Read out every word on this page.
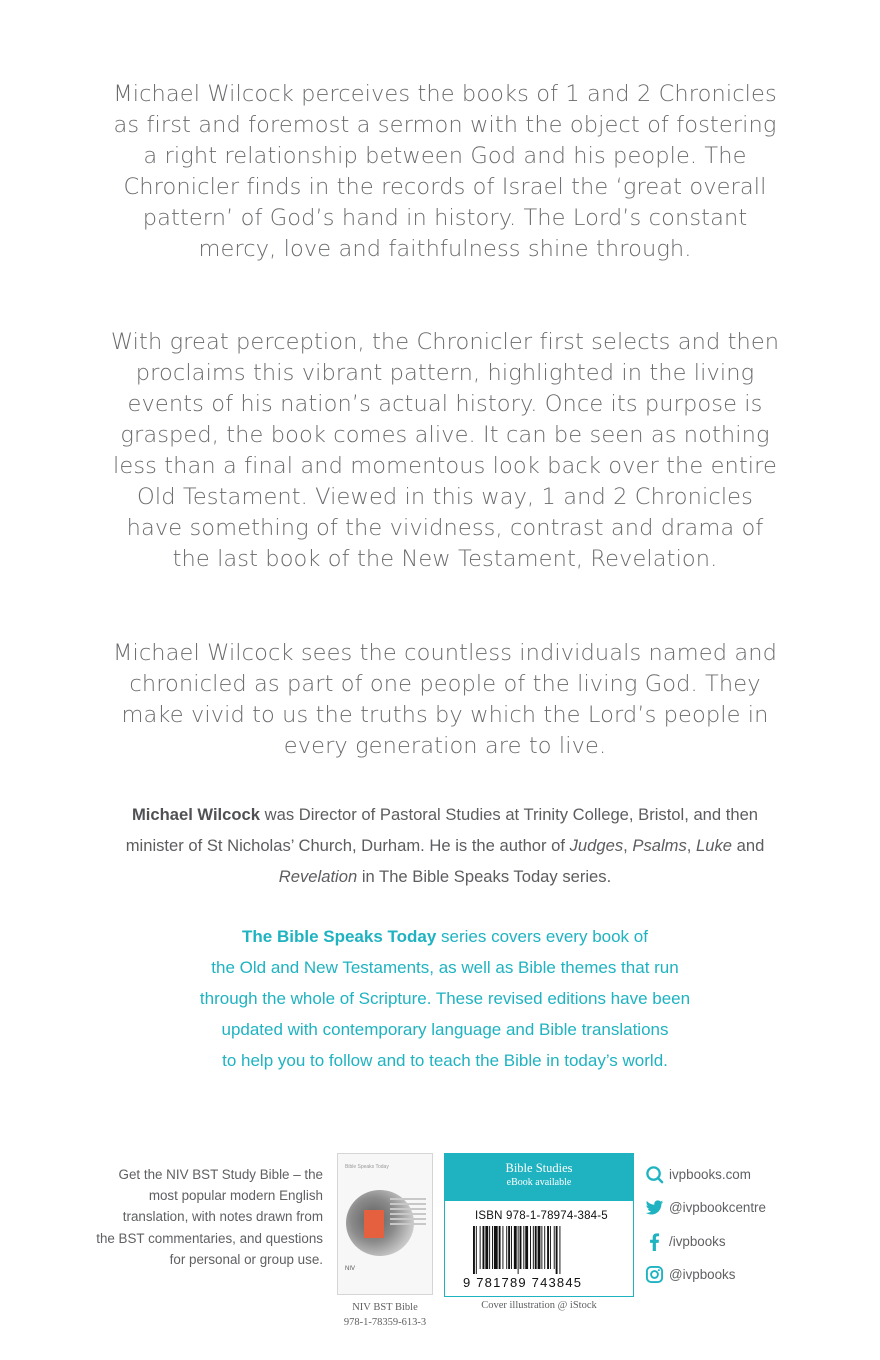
Michael Wilcock perceives the books of 1 and 2 Chronicles as first and foremost a sermon with the object of fostering a right relationship between God and his people. The Chronicler finds in the records of Israel the ‘great overall pattern’ of God’s hand in history. The Lord’s constant mercy, love and faithfulness shine through.

With great perception, the Chronicler first selects and then proclaims this vibrant pattern, highlighted in the living events of his nation’s actual history. Once its purpose is grasped, the book comes alive. It can be seen as nothing less than a final and momentous look back over the entire Old Testament. Viewed in this way, 1 and 2 Chronicles have something of the vividness, contrast and drama of the last book of the New Testament, Revelation.

Michael Wilcock sees the countless individuals named and chronicled as part of one people of the living God. They make vivid to us the truths by which the Lord’s people in every generation are to live.

Michael Wilcock was Director of Pastoral Studies at Trinity College, Bristol, and then minister of St Nicholas’ Church, Durham. He is the author of Judges, Psalms, Luke and Revelation in The Bible Speaks Today series.

The Bible Speaks Today series covers every book of
the Old and New Testaments, as well as Bible themes that run
through the whole of Scripture. These revised editions have been
updated with contemporary language and Bible translations
to help you to follow and to teach the Bible in today’s world.
Get the NIV BST Study Bible – the
most popular modern English
translation, with notes drawn from
the BST commentaries, and questions
for personal or group use.
Bible Speaks Today
NIV
NIV BST Bible
978-1-78359-613-3
Bible Studies
eBook available
ISBN 978-1-78974-384-5
9 781789 743845
Cover illustration @ iStock
ivpbooks.com
@ivpbookcentre
/ivpbooks
@ivpbooks
